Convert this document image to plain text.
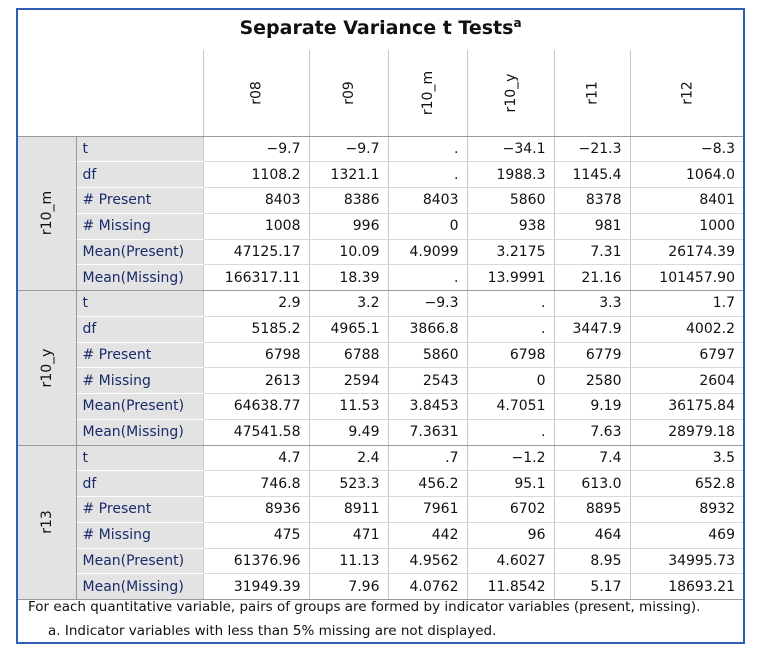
Separate Variance t Tests$^a$

		r08	r09	r10_m	r10_y	r11	r12

r10_m	t	−9.7	−9.7	.	−34.1	−21.3	−8.3
	df	1108.2	1321.1	.	1988.3	1145.4	1064.0
	# Present	8403	8386	8403	5860	8378	8401
	# Missing	1008	996	0	938	981	1000
	Mean(Present)	47125.17	10.09	4.9099	3.2175	7.31	26174.39
	Mean(Missing)	166317.11	18.39	.	13.9991	21.16	101457.90

r10_y	t	2.9	3.2	−9.3	.	3.3	1.7
	df	5185.2	4965.1	3866.8	.	3447.9	4002.2
	# Present	6798	6788	5860	6798	6779	6797
	# Missing	2613	2594	2543	0	2580	2604
	Mean(Present)	64638.77	11.53	3.8453	4.7051	9.19	36175.84
	Mean(Missing)	47541.58	9.49	7.3631	.	7.63	28979.18

r13	t	4.7	2.4	.7	−1.2	7.4	3.5
	df	746.8	523.3	456.2	95.1	613.0	652.8
	# Present	8936	8911	7961	6702	8895	8932
	# Missing	475	471	442	96	464	469
	Mean(Present)	61376.96	11.13	4.9562	4.6027	8.95	34995.73
	Mean(Missing)	31949.39	7.96	4.0762	11.8542	5.17	18693.21
For each quantitative variable, pairs of groups are formed by indicator variables (present, missing).
a. Indicator variables with less than 5% missing are not displayed.
